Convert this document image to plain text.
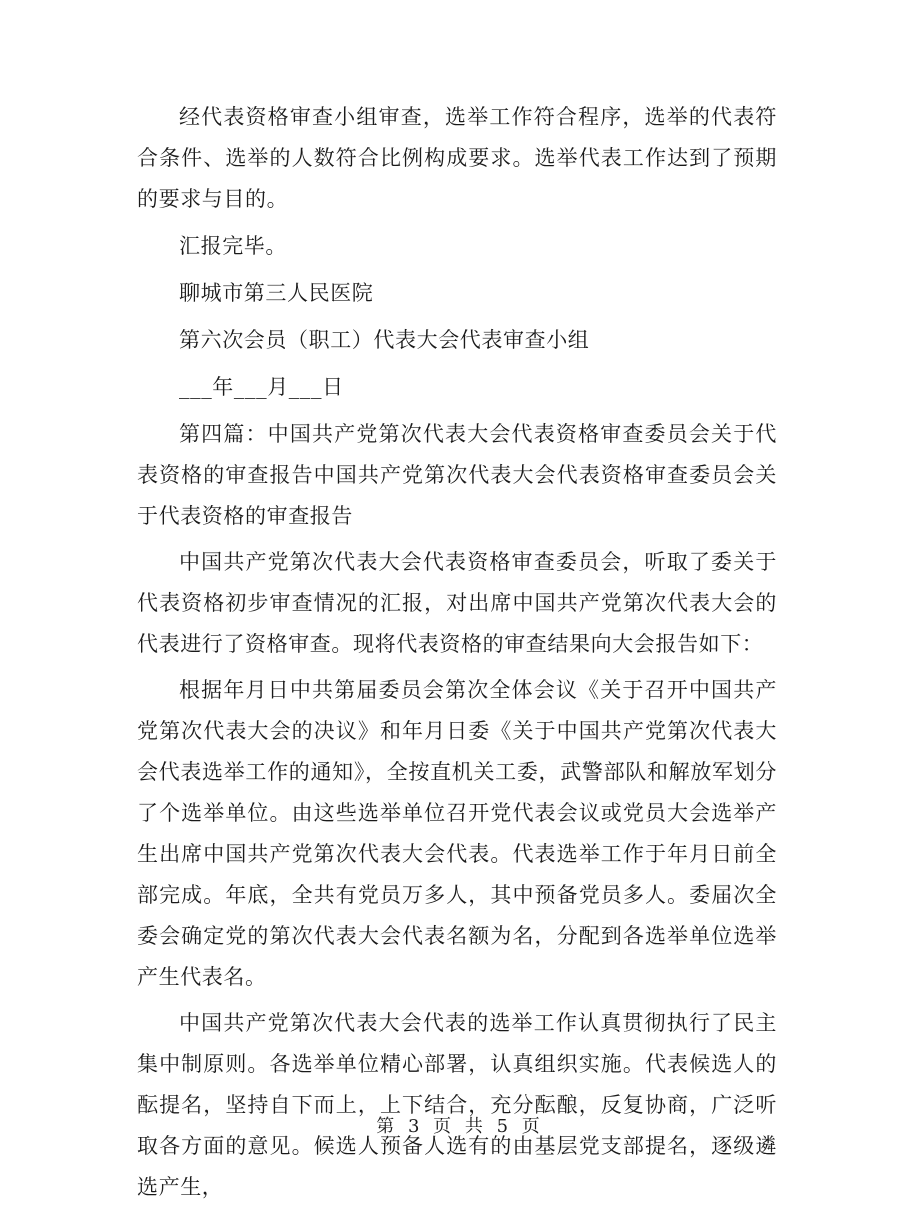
经代表资格审查小组审查，选举工作符合程序，选举的代表符合条件、选举的人数符合比例构成要求。选举代表工作达到了预期的要求与目的。

汇报完毕。

聊城市第三人民医院

第六次会员（职工）代表大会代表审查小组

___年___月___日

第四篇：中国共产党第次代表大会代表资格审查委员会关于代表资格的审查报告中国共产党第次代表大会代表资格审查委员会关于代表资格的审查报告

中国共产党第次代表大会代表资格审查委员会，听取了委关于代表资格初步审查情况的汇报，对出席中国共产党第次代表大会的代表进行了资格审查。现将代表资格的审查结果向大会报告如下：

根据年月日中共第届委员会第次全体会议《关于召开中国共产党第次代表大会的决议》和年月日委《关于中国共产党第次代表大会代表选举工作的通知》，全按直机关工委，武警部队和解放军划分了个选举单位。由这些选举单位召开党代表会议或党员大会选举产生出席中国共产党第次代表大会代表。代表选举工作于年月日前全部完成。年底，全共有党员万多人，其中预备党员多人。委届次全委会确定党的第次代表大会代表名额为名，分配到各选举单位选举产生代表名。

中国共产党第次代表大会代表的选举工作认真贯彻执行了民主集中制原则。各选举单位精心部署，认真组织实施。代表候选人的酝提名，坚持自下而上，上下结合，充分酝酿，反复协商，广泛听取各方面的意见。候选人预备人选有的由基层党支部提名，逐级遴选产生，

第 3 页 共 5 页
